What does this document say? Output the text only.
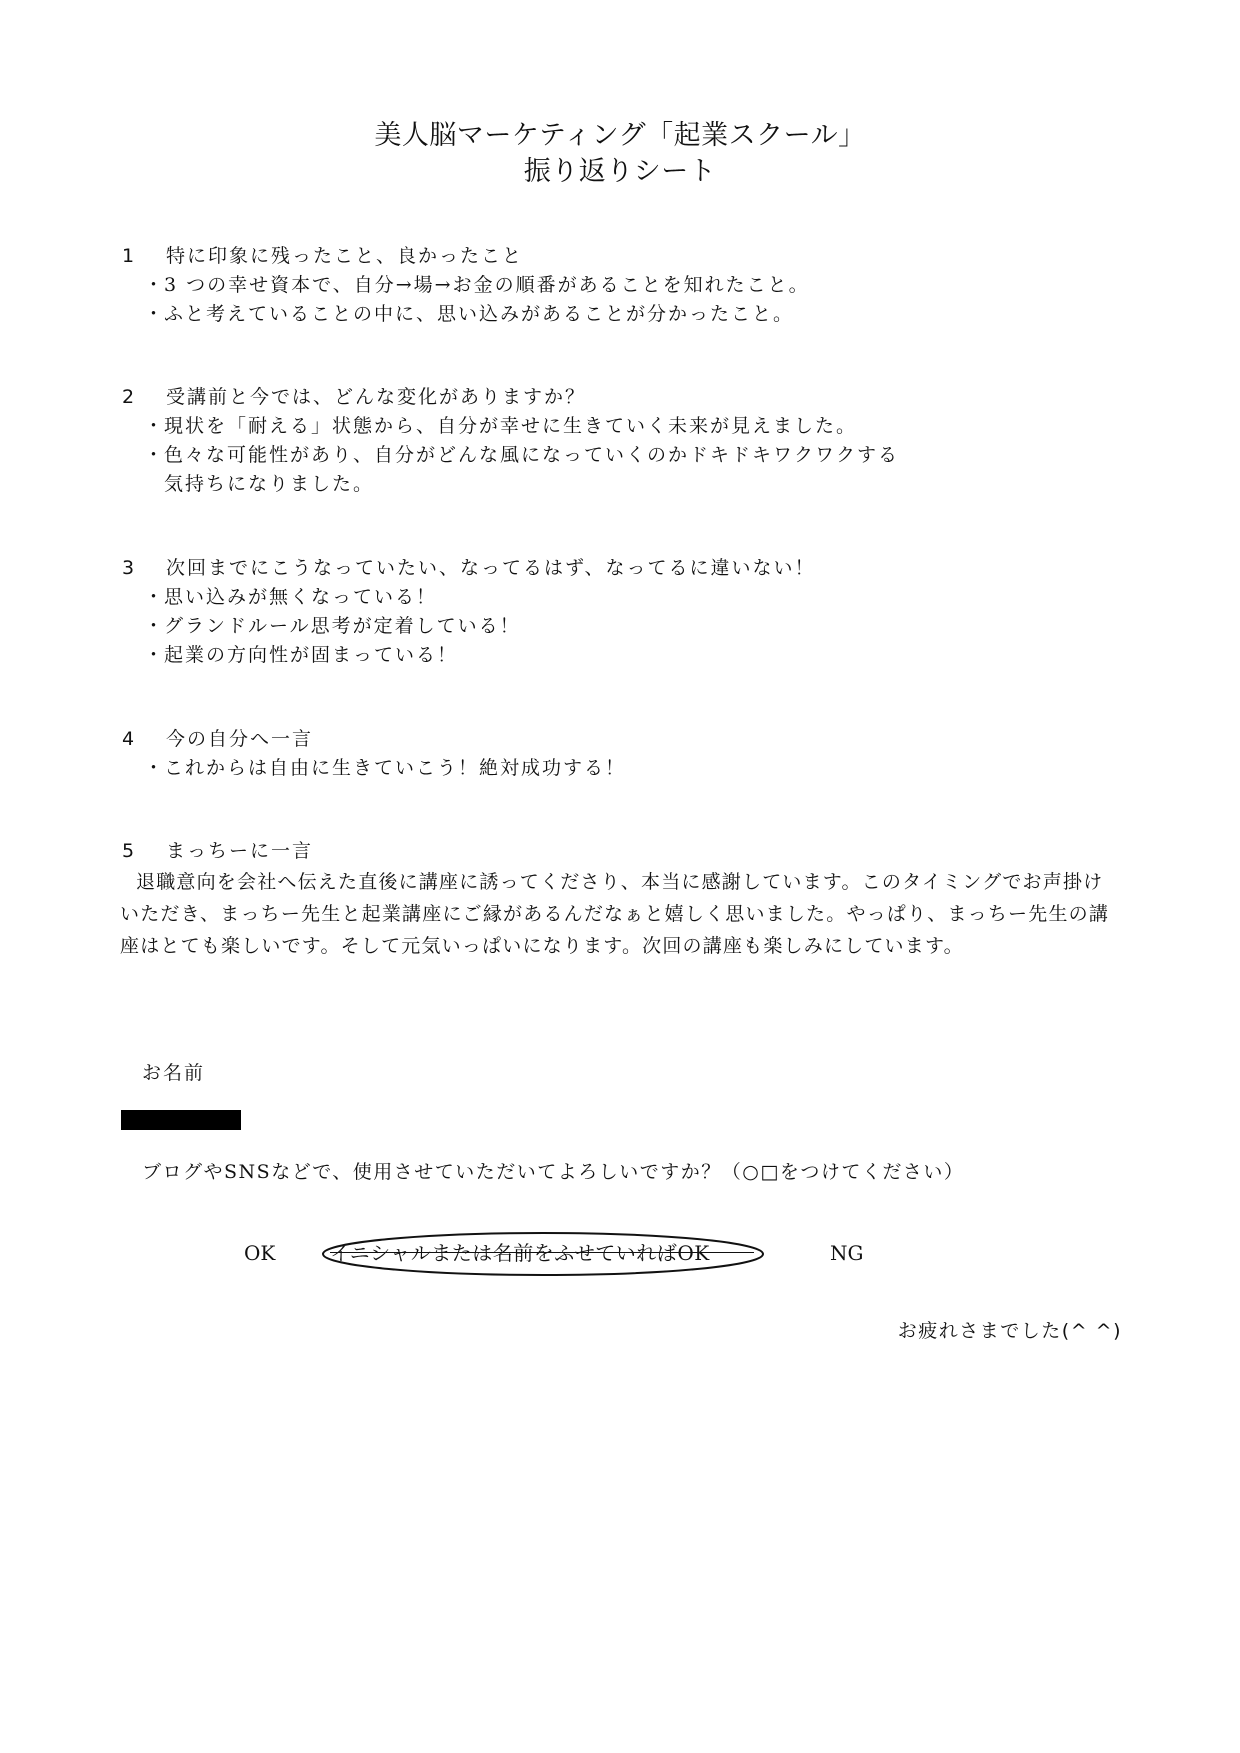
美人脳マーケティング「起業スクール」
振り返りシート
1 特に印象に残ったこと、良かったこと
・3 つの幸せ資本で、自分→場→お金の順番があることを知れたこと。
・ふと考えていることの中に、思い込みがあることが分かったこと。
2 受講前と今では、どんな変化がありますか？
・現状を「耐える」状態から、自分が幸せに生きていく未来が見えました。
・色々な可能性があり、自分がどんな風になっていくのかドキドキワクワクする
気持ちになりました。
3 次回までにこうなっていたい、なってるはず、なってるに違いない！
・思い込みが無くなっている！
・グランドルール思考が定着している！
・起業の方向性が固まっている！
4 今の自分へ一言
・これからは自由に生きていこう！絶対成功する！
5 まっちーに一言
退職意向を会社へ伝えた直後に講座に誘ってくださり、本当に感謝しています。このタイミングでお声掛けいただき、まっちー先生と起業講座にご縁があるんだなぁと嬉しく思いました。やっぱり、まっちー先生の講座はとても楽しいです。そして元気いっぱいになります。次回の講座も楽しみにしています。
お名前
ブログやSNSなどで、使用させていただいてよろしいですか？（○□をつけてください）
OK	イニシャルまたは名前をふせていればOK	NG
お疲れさまでした(^ ^)
